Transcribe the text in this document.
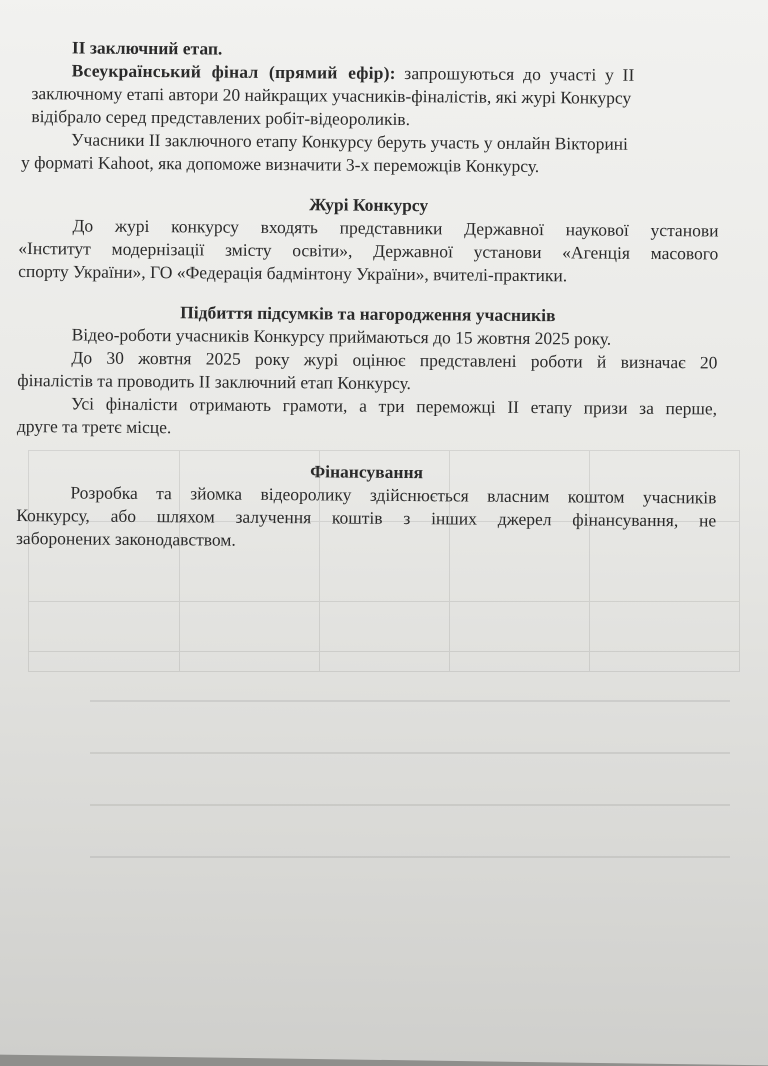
II заключний етап.
Всеукраїнський фінал (прямий ефір): запрошуються до участі у II
заключному етапі автори 20 найкращих учасників-фіналістів, які журі Конкурсу
відібрало серед представлених робіт-відеороликів.
Учасники II заключного етапу Конкурсу беруть участь у онлайн Вікторині
у форматі Kahoot, яка допоможе визначити 3-х переможців Конкурсу.
Журі Конкурсу
До журі конкурсу входять представники Державної наукової установи
«Інститут модернізації змісту освіти», Державної установи «Агенція масового
спорту України», ГО «Федерація бадмінтону України», вчителі-практики.
Підбиття підсумків та нагородження учасників
Відео-роботи учасників Конкурсу приймаються до 15 жовтня 2025 року.
До 30 жовтня 2025 року журі оцінює представлені роботи й визначає 20
фіналістів та проводить II заключний етап Конкурсу.
Усі фіналісти отримають грамоти, а три переможці II етапу призи за перше,
друге та третє місце.
Фінансування
Розробка та зйомка відеоролику здійснюється власним коштом учасників
Конкурсу, або шляхом залучення коштів з інших джерел фінансування, не
заборонених законодавством.
